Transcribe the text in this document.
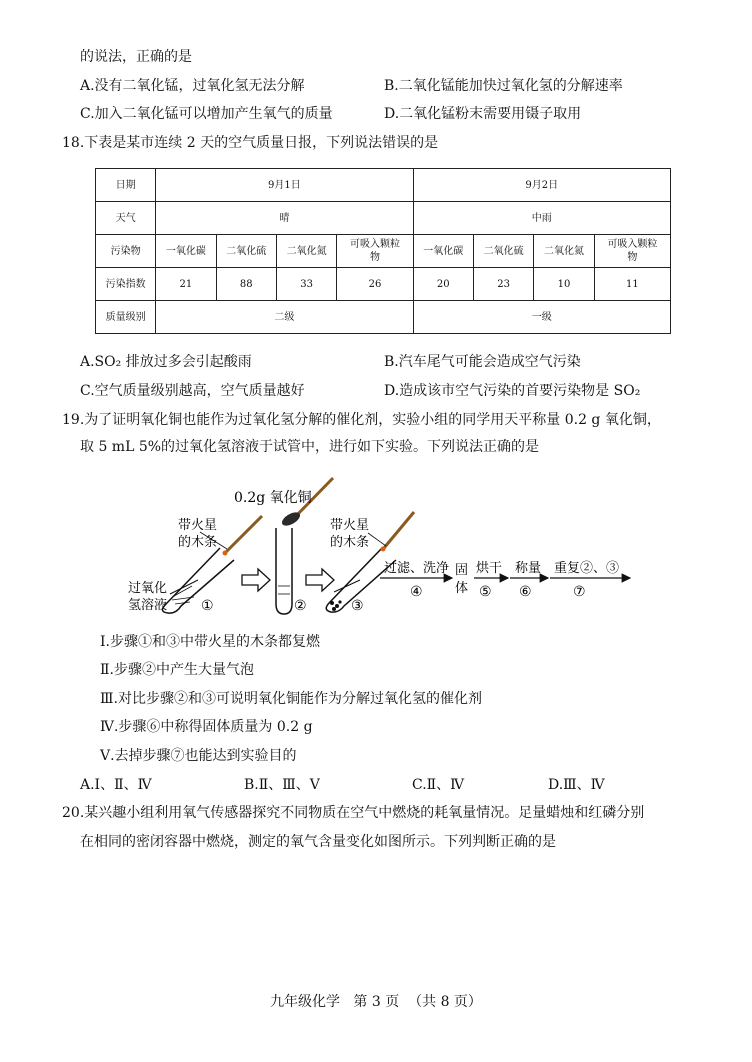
的说法，正确的是
A.没有二氧化锰，过氧化氢无法分解	B.二氧化锰能加快过氧化氢的分解速率
C.加入二氧化锰可以增加产生氧气的质量	D.二氧化锰粉末需要用镊子取用
18.下表是某市连续 2 天的空气质量日报，下列说法错误的是
日期	9月1日				9月2日			
天气	晴				中雨			
污染物	一氧化碳	二氧化硫	二氧化氮	可吸入颗粒物	一氧化碳	二氧化硫	二氧化氮	可吸入颗粒物
污染指数	21	88	33	26	20	23	10	11
质量级别	二级				一级			
A.SO₂ 排放过多会引起酸雨	B.汽车尾气可能会造成空气污染
C.空气质量级别越高，空气质量越好	D.造成该市空气污染的首要污染物是 SO₂
19.为了证明氧化铜也能作为过氧化氢分解的催化剂，实验小组的同学用天平称量 0.2 g 氧化铜，
取 5 mL 5%的过氧化氢溶液于试管中，进行如下实验。下列说法正确的是
0.2g 氧化铜
带火星
的木条
带火星
的木条
过氧化
氢溶液 ①	②	③
过滤、洗净
④
固
体
烘干
⑤
称量
⑥
重复②、③
⑦
Ⅰ.步骤①和③中带火星的木条都复燃
Ⅱ.步骤②中产生大量气泡
Ⅲ.对比步骤②和③可说明氧化铜能作为分解过氧化氢的催化剂
Ⅳ.步骤⑥中称得固体质量为 0.2 g
Ⅴ.去掉步骤⑦也能达到实验目的
A.Ⅰ、Ⅱ、Ⅳ	B.Ⅱ、Ⅲ、Ⅴ	C.Ⅱ、Ⅳ	D.Ⅲ、Ⅳ
20.某兴趣小组利用氧气传感器探究不同物质在空气中燃烧的耗氧量情况。足量蜡烛和红磷分别
在相同的密闭容器中燃烧，测定的氧气含量变化如图所示。下列判断正确的是
九年级化学   第 3 页  （共 8 页）
